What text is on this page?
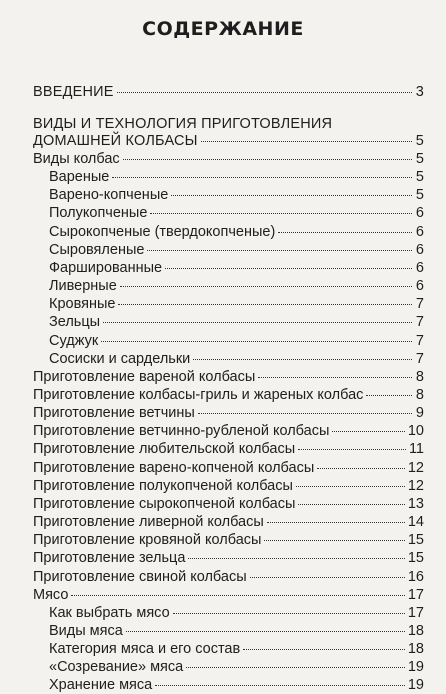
СОДЕРЖАНИЕ
ВВЕДЕНИЕ	3
ВИДЫ И ТЕХНОЛОГИЯ ПРИГОТОВЛЕНИЯ
ДОМАШНЕЙ КОЛБАСЫ	5
Виды колбас	5
Вареные	5
Варено-копченые	5
Полукопченые	6
Сырокопченые (твердокопченые)	6
Сыровяленые	6
Фаршированные	6
Ливерные	6
Кровяные	7
Зельцы	7
Суджук	7
Сосиски и сардельки	7
Приготовление вареной колбасы	8
Приготовление колбасы-гриль и жареных колбас	8
Приготовление ветчины	9
Приготовление ветчинно-рубленой колбасы	10
Приготовление любительской колбасы	11
Приготовление варено-копченой колбасы	12
Приготовление полукопченой колбасы	12
Приготовление сырокопченой колбасы	13
Приготовление ливерной колбасы	14
Приготовление кровяной колбасы	15
Приготовление зельца	15
Приготовление свиной колбасы	16
Мясо	17
Как выбрать мясо	17
Виды мяса	18
Категория мяса и его состав	18
«Созревание» мяса	19
Хранение мяса	19
